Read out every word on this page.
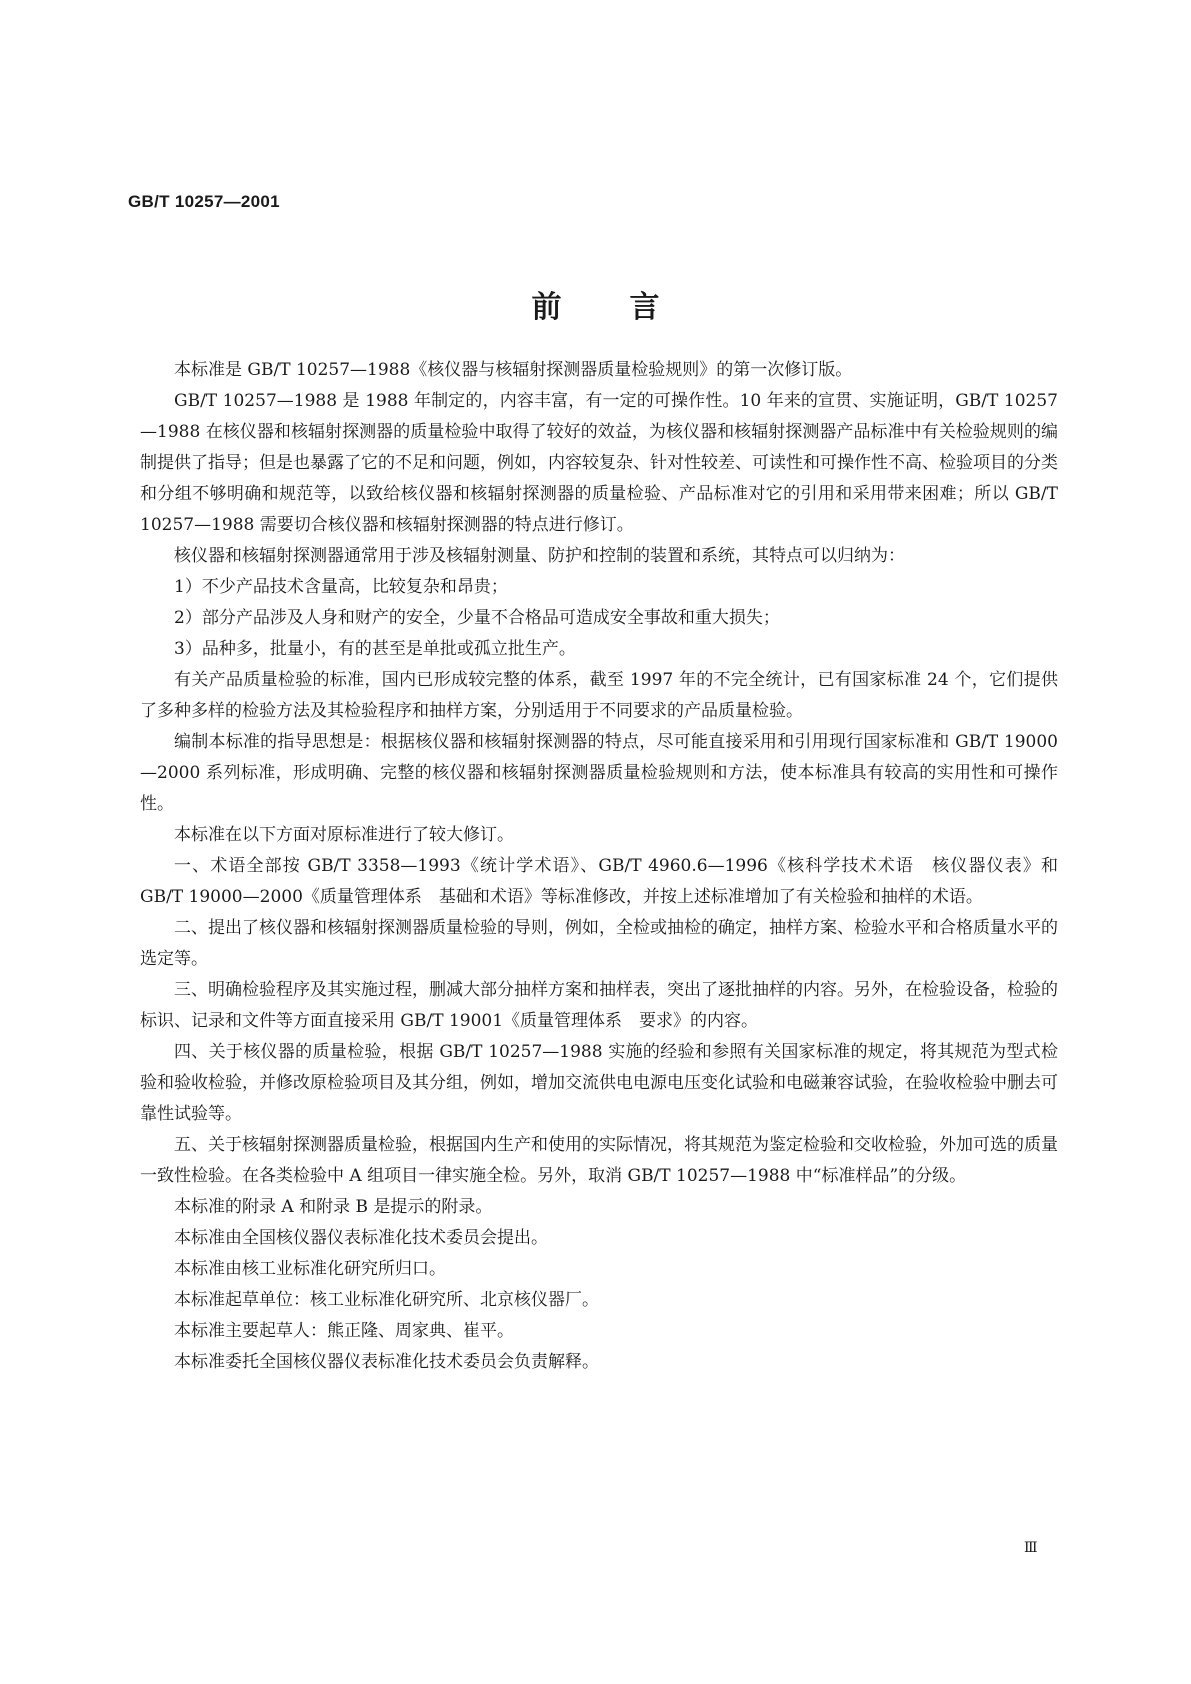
GB/T 10257—2001
前言

本标准是 GB/T 10257—1988《核仪器与核辐射探测器质量检验规则》的第一次修订版。

GB/T 10257—1988 是 1988 年制定的，内容丰富，有一定的可操作性。10 年来的宣贯、实施证明，GB/T 10257—1988 在核仪器和核辐射探测器的质量检验中取得了较好的效益，为核仪器和核辐射探测器产品标准中有关检验规则的编制提供了指导；但是也暴露了它的不足和问题，例如，内容较复杂、针对性较差、可读性和可操作性不高、检验项目的分类和分组不够明确和规范等，以致给核仪器和核辐射探测器的质量检验、产品标准对它的引用和采用带来困难；所以 GB/T 10257—1988 需要切合核仪器和核辐射探测器的特点进行修订。

核仪器和核辐射探测器通常用于涉及核辐射测量、防护和控制的装置和系统，其特点可以归纳为：

1）不少产品技术含量高，比较复杂和昂贵；

2）部分产品涉及人身和财产的安全，少量不合格品可造成安全事故和重大损失；

3）品种多，批量小，有的甚至是单批或孤立批生产。

有关产品质量检验的标准，国内已形成较完整的体系，截至 1997 年的不完全统计，已有国家标准 24 个，它们提供了多种多样的检验方法及其检验程序和抽样方案，分别适用于不同要求的产品质量检验。

编制本标准的指导思想是：根据核仪器和核辐射探测器的特点，尽可能直接采用和引用现行国家标准和 GB/T 19000—2000 系列标准，形成明确、完整的核仪器和核辐射探测器质量检验规则和方法，使本标准具有较高的实用性和可操作性。

本标准在以下方面对原标准进行了较大修订。

一、术语全部按 GB/T 3358—1993《统计学术语》、GB/T 4960.6—1996《核科学技术术语　核仪器仪表》和 GB/T 19000—2000《质量管理体系　基础和术语》等标准修改，并按上述标准增加了有关检验和抽样的术语。

二、提出了核仪器和核辐射探测器质量检验的导则，例如，全检或抽检的确定，抽样方案、检验水平和合格质量水平的选定等。

三、明确检验程序及其实施过程，删减大部分抽样方案和抽样表，突出了逐批抽样的内容。另外，在检验设备，检验的标识、记录和文件等方面直接采用 GB/T 19001《质量管理体系　要求》的内容。

四、关于核仪器的质量检验，根据 GB/T 10257—1988 实施的经验和参照有关国家标准的规定，将其规范为型式检验和验收检验，并修改原检验项目及其分组，例如，增加交流供电电源电压变化试验和电磁兼容试验，在验收检验中删去可靠性试验等。

五、关于核辐射探测器质量检验，根据国内生产和使用的实际情况，将其规范为鉴定检验和交收检验，外加可选的质量一致性检验。在各类检验中 A 组项目一律实施全检。另外，取消 GB/T 10257—1988 中“标准样品”的分级。

本标准的附录 A 和附录 B 是提示的附录。

本标准由全国核仪器仪表标准化技术委员会提出。

本标准由核工业标准化研究所归口。

本标准起草单位：核工业标准化研究所、北京核仪器厂。

本标准主要起草人：熊正隆、周家典、崔平。

本标准委托全国核仪器仪表标准化技术委员会负责解释。

Ⅲ
